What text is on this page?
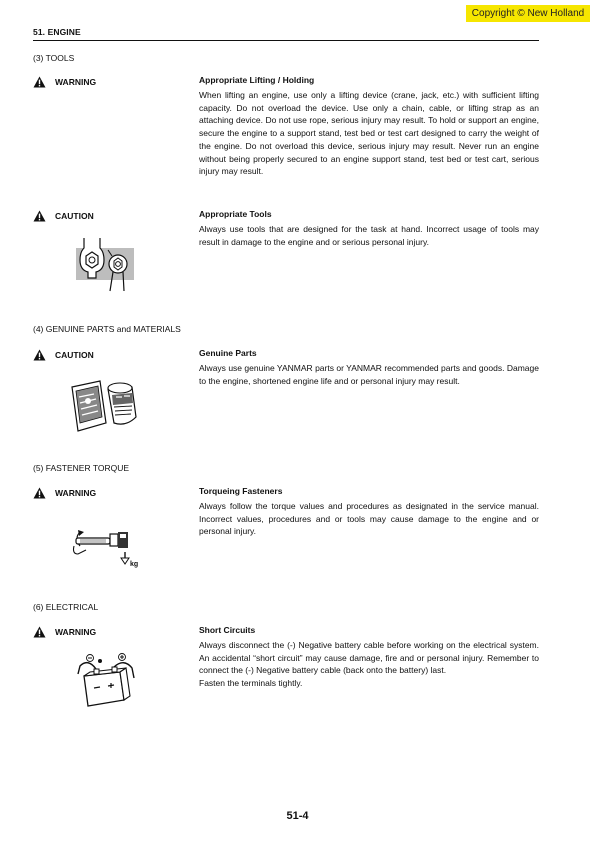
Copyright © New Holland
51. ENGINE
(3) TOOLS
WARNING	Appropriate Lifting / Holding
When lifting an engine, use only a lifting device (crane, jack, etc.) with sufficient lifting capacity. Do not overload the device. Use only a chain, cable, or lifting strap as an attaching device. Do not use rope, serious injury may result. To hold or support an engine, secure the engine to a support stand, test bed or test cart designed to carry the weight of the engine. Do not overload this device, serious injury may result. Never run an engine without being properly secured to an engine support stand, test bed or test cart, serious injury may result.
CAUTION	Appropriate Tools
Always use tools that are designed for the task at hand. Incorrect usage of tools may result in damage to the engine and or serious personal injury.
(4) GENUINE PARTS and MATERIALS
CAUTION	Genuine Parts
Always use genuine YANMAR parts or YANMAR recommended parts and goods. Damage to the engine, shortened engine life and or personal injury may result.
(5) FASTENER TORQUE
WARNING	Torqueing Fasteners
Always follow the torque values and procedures as designated in the service manual. Incorrect values, procedures and or tools may cause damage to the engine and or personal injury.
kg
(6) ELECTRICAL
WARNING	Short Circuits
Always disconnect the (-) Negative battery cable before working on the electrical system. An accidental “short circuit” may cause damage, fire and or personal injury. Remember to connect the (-) Negative battery cable (back onto the battery) last.
Fasten the terminals tightly.
51-4
